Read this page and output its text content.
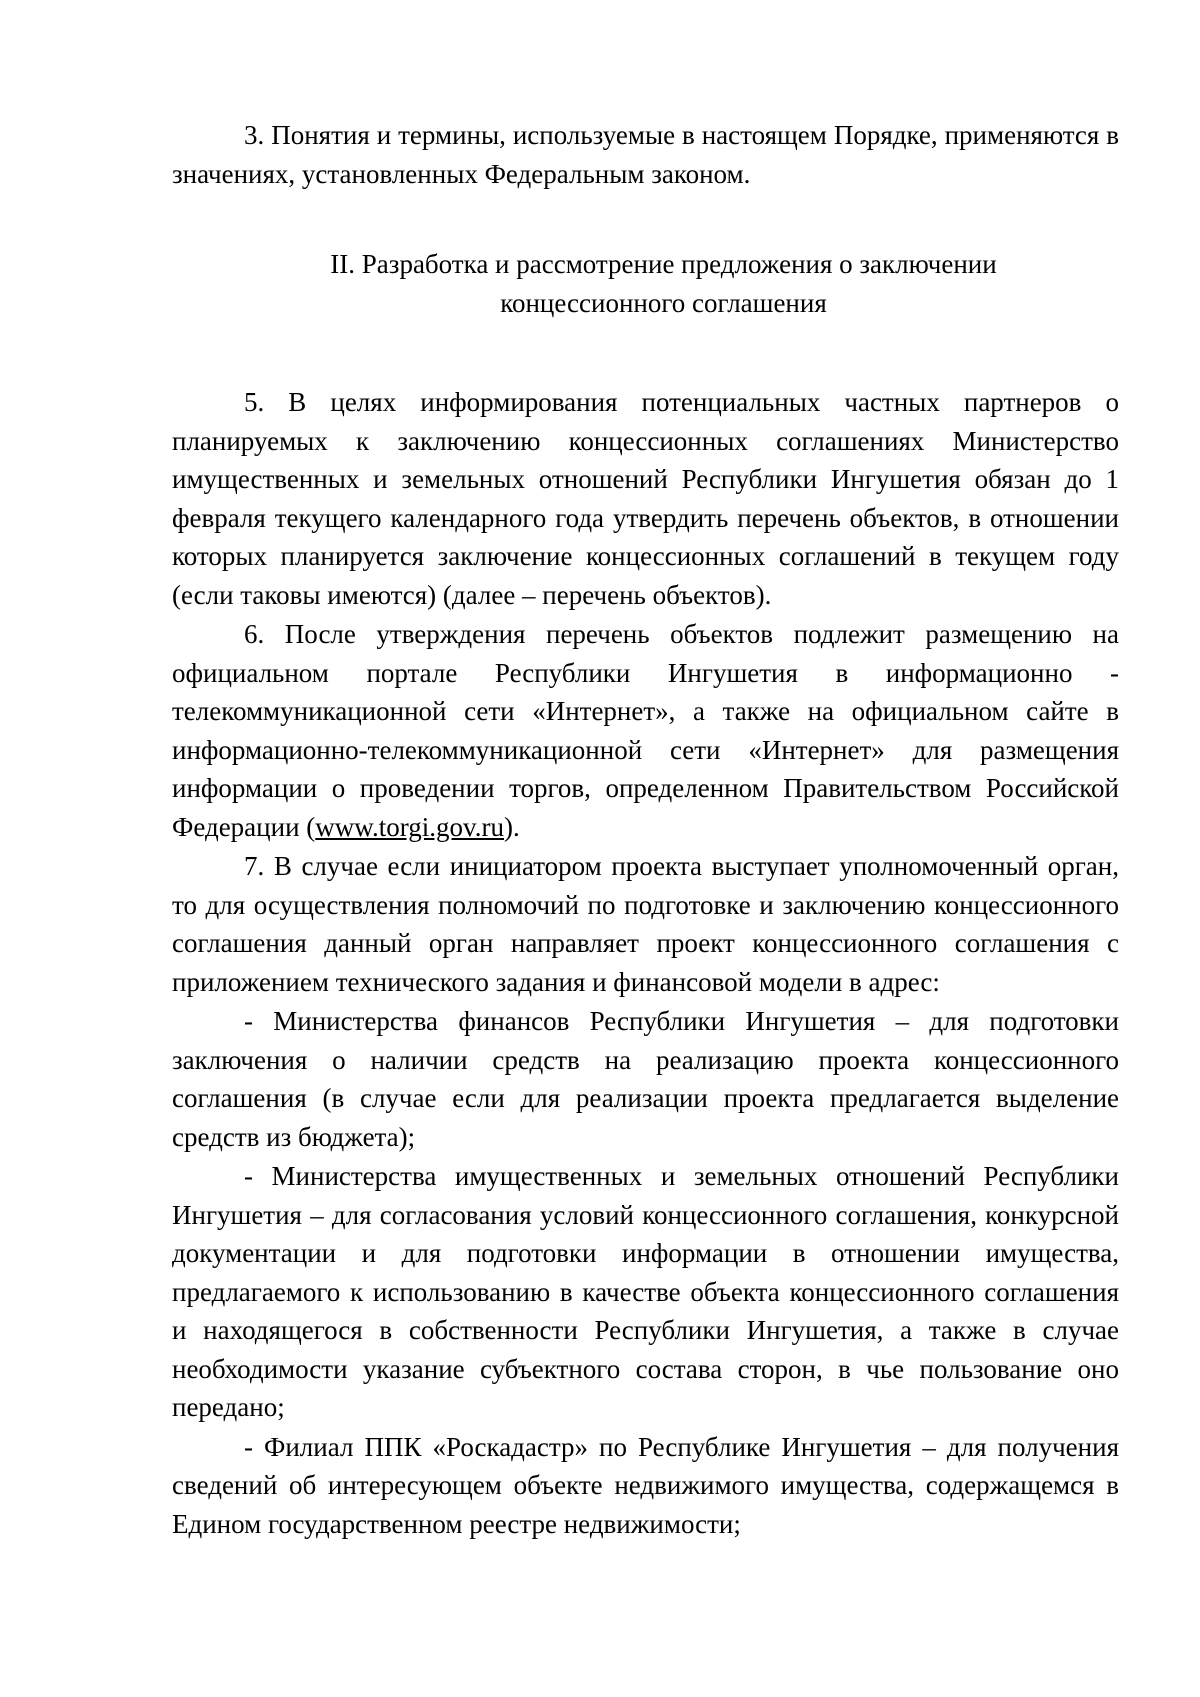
3. Понятия и термины, используемые в настоящем Порядке, применяются в значениях, установленных Федеральным законом.

II. Разработка и рассмотрение предложения о заключении
концессионного соглашения

5. В целях информирования потенциальных частных партнеров о планируемых к заключению концессионных соглашениях Министерство имущественных и земельных отношений Республики Ингушетия обязан до 1 февраля текущего календарного года утвердить перечень объектов, в отношении которых планируется заключение концессионных соглашений в текущем году (если таковы имеются) (далее – перечень объектов).

6. После утверждения перечень объектов подлежит размещению на официальном портале Республики Ингушетия в информационно - телекоммуникационной сети «Интернет», а также на официальном сайте в информационно-телекоммуникационной сети «Интернет» для размещения информации о проведении торгов, определенном Правительством Российской Федерации (www.torgi.gov.ru).

7. В случае если инициатором проекта выступает уполномоченный орган, то для осуществления полномочий по подготовке и заключению концессионного соглашения данный орган направляет проект концессионного соглашения с приложением технического задания и финансовой модели в адрес:

- Министерства финансов Республики Ингушетия – для подготовки заключения о наличии средств на реализацию проекта концессионного соглашения (в случае если для реализации проекта предлагается выделение средств из бюджета);

- Министерства имущественных и земельных отношений Республики Ингушетия – для согласования условий концессионного соглашения, конкурсной документации и для подготовки информации в отношении имущества, предлагаемого к использованию в качестве объекта концессионного соглашения и находящегося в собственности Республики Ингушетия, а также в случае необходимости указание субъектного состава сторон, в чье пользование оно передано;

- Филиал ППК «Роскадастр» по Республике Ингушетия – для получения сведений об интересующем объекте недвижимого имущества, содержащемся в Едином государственном реестре недвижимости;
